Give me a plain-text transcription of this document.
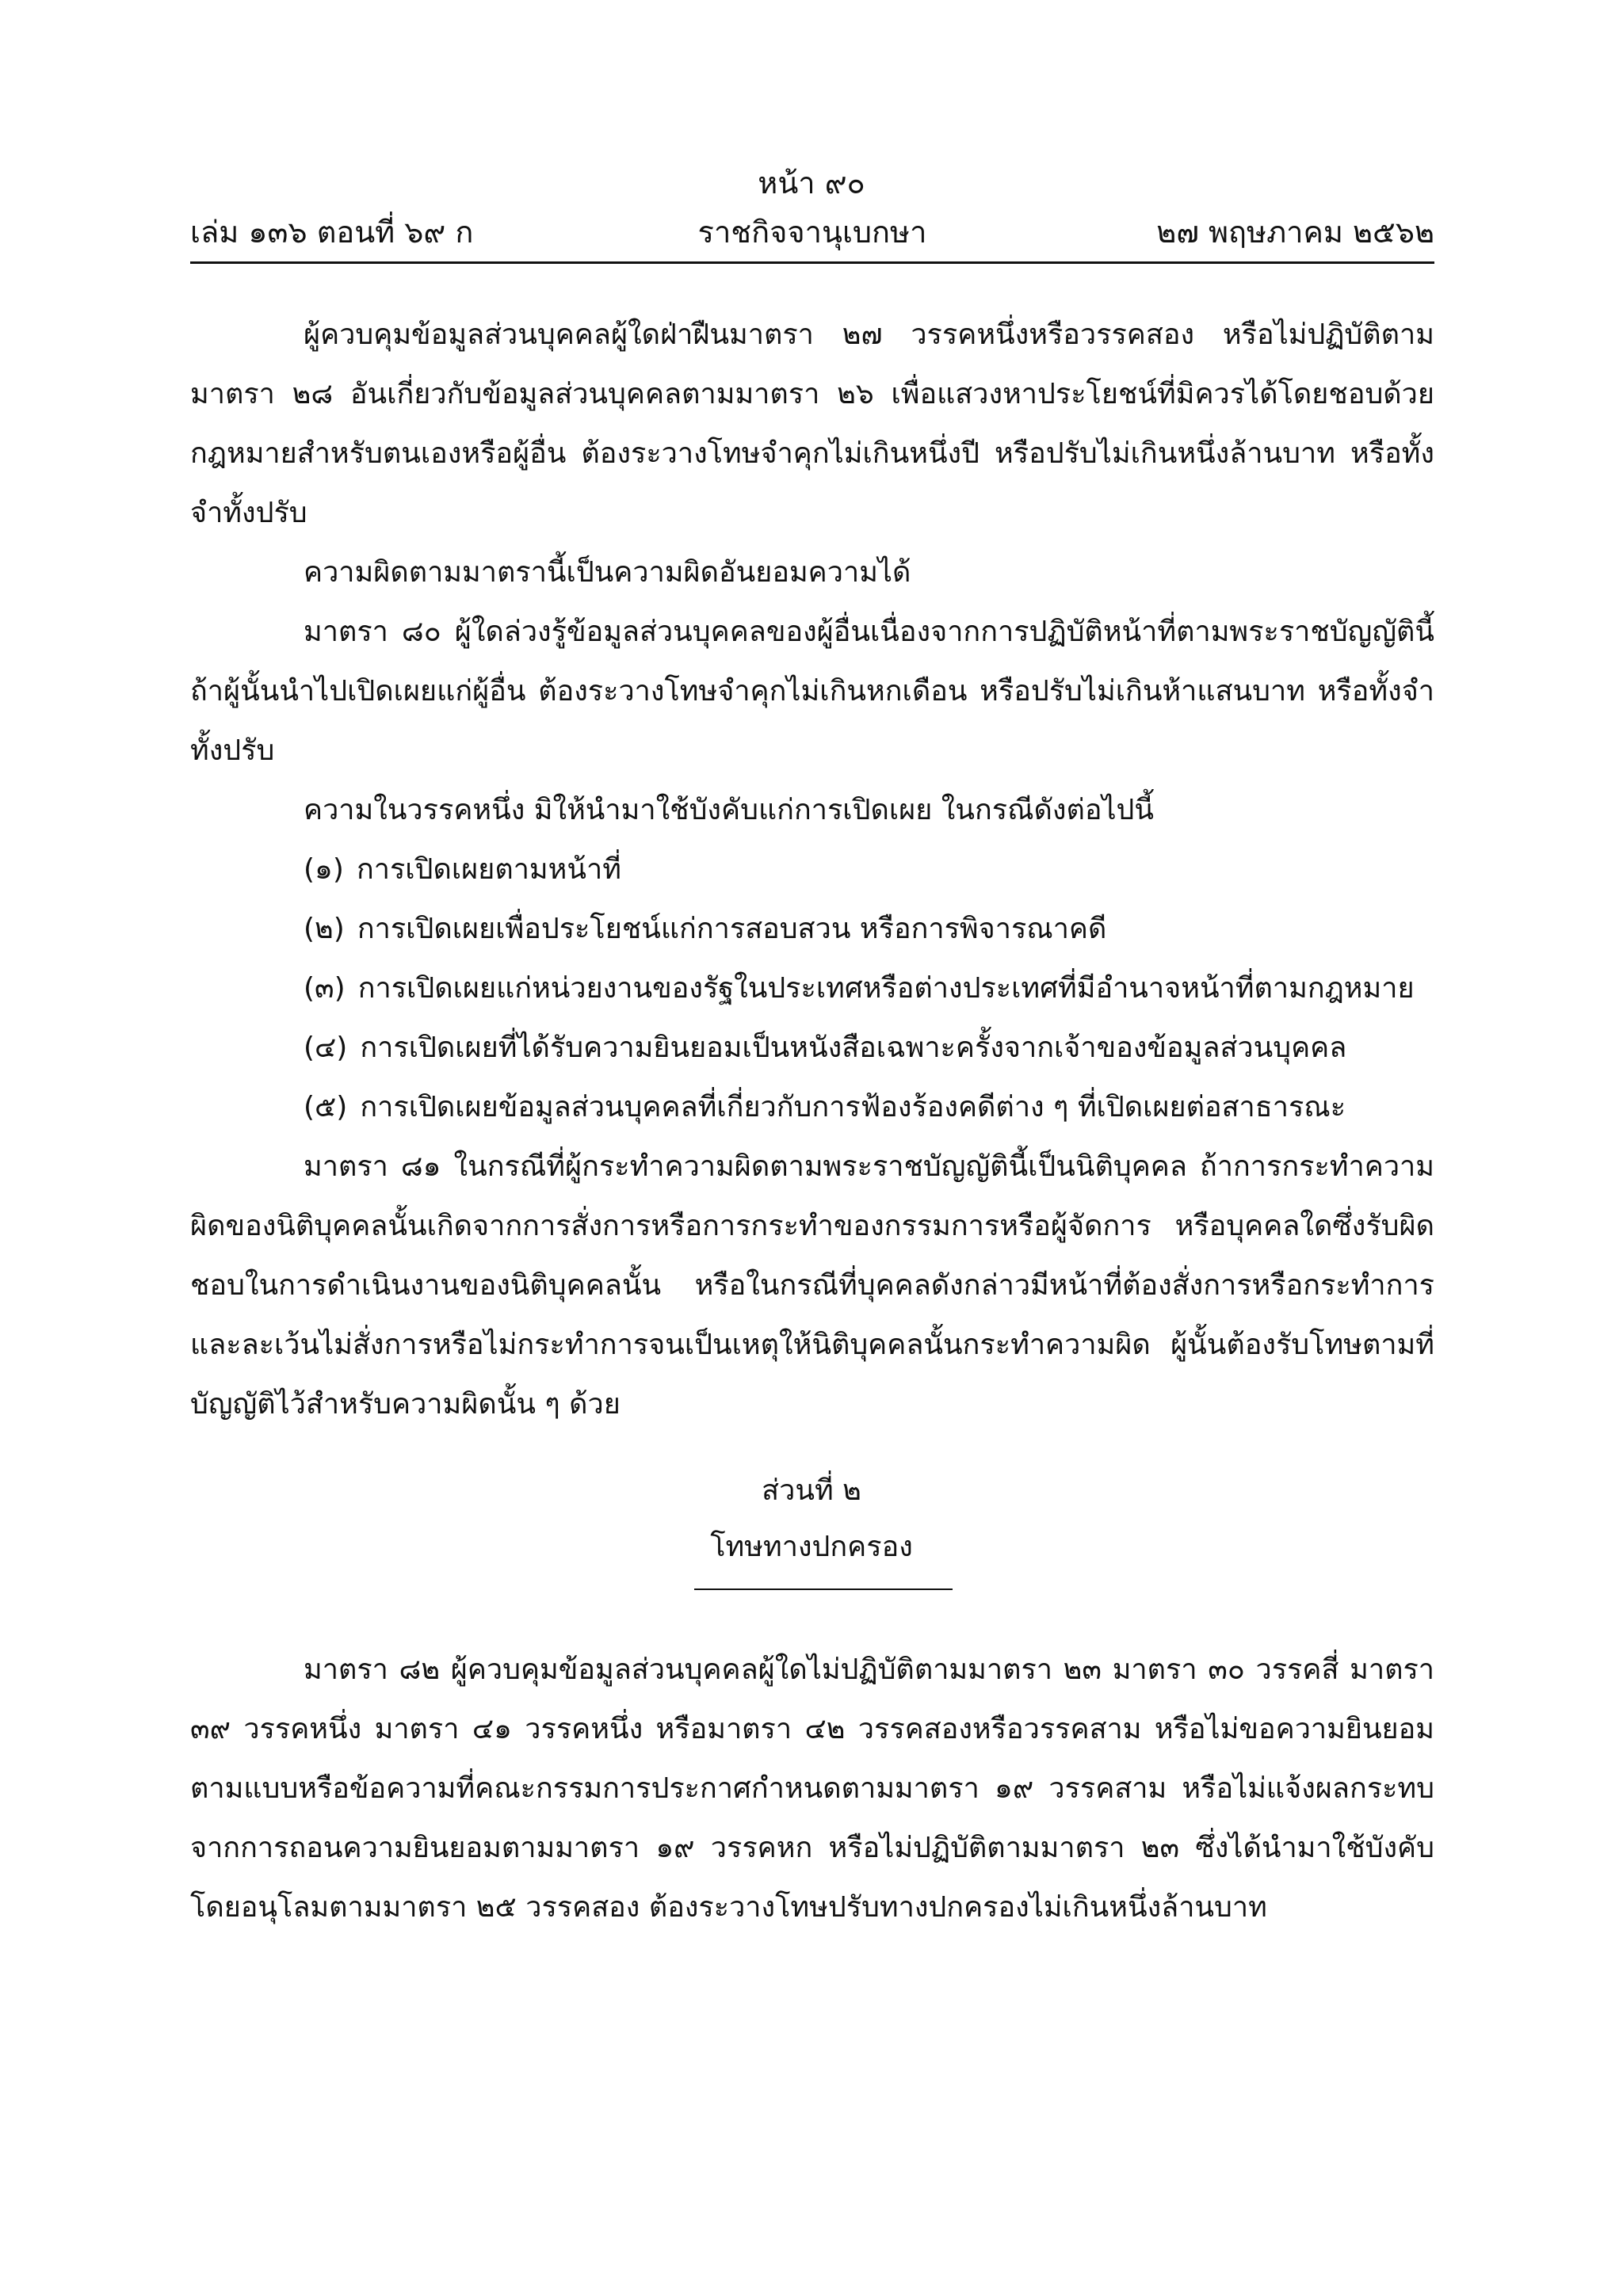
หน้า ๙๐
เล่ม ๑๓๖ ตอนที่ ๖๙ ก	ราชกิจจานุเบกษา	๒๗ พฤษภาคม ๒๕๖๒

ผู้ควบคุมข้อมูลส่วนบุคคลผู้ใดฝ่าฝืนมาตรา ๒๗ วรรคหนึ่งหรือวรรคสอง หรือไม่ปฏิบัติตามมาตรา ๒๘ อันเกี่ยวกับข้อมูลส่วนบุคคลตามมาตรา ๒๖ เพื่อแสวงหาประโยชน์ที่มิควรได้โดยชอบด้วยกฎหมายสำหรับตนเองหรือผู้อื่น ต้องระวางโทษจำคุกไม่เกินหนึ่งปี หรือปรับไม่เกินหนึ่งล้านบาท หรือทั้งจำทั้งปรับ

ความผิดตามมาตรานี้เป็นความผิดอันยอมความได้

มาตรา ๘๐ ผู้ใดล่วงรู้ข้อมูลส่วนบุคคลของผู้อื่นเนื่องจากการปฏิบัติหน้าที่ตามพระราชบัญญัตินี้ ถ้าผู้นั้นนำไปเปิดเผยแก่ผู้อื่น ต้องระวางโทษจำคุกไม่เกินหกเดือน หรือปรับไม่เกินห้าแสนบาท หรือทั้งจำทั้งปรับ

ความในวรรคหนึ่ง มิให้นำมาใช้บังคับแก่การเปิดเผย ในกรณีดังต่อไปนี้

(๑) การเปิดเผยตามหน้าที่
(๒) การเปิดเผยเพื่อประโยชน์แก่การสอบสวน หรือการพิจารณาคดี
(๓) การเปิดเผยแก่หน่วยงานของรัฐในประเทศหรือต่างประเทศที่มีอำนาจหน้าที่ตามกฎหมาย
(๔) การเปิดเผยที่ได้รับความยินยอมเป็นหนังสือเฉพาะครั้งจากเจ้าของข้อมูลส่วนบุคคล
(๕) การเปิดเผยข้อมูลส่วนบุคคลที่เกี่ยวกับการฟ้องร้องคดีต่าง ๆ ที่เปิดเผยต่อสาธารณะ

มาตรา ๘๑ ในกรณีที่ผู้กระทำความผิดตามพระราชบัญญัตินี้เป็นนิติบุคคล ถ้าการกระทำความผิดของนิติบุคคลนั้นเกิดจากการสั่งการหรือการกระทำของกรรมการหรือผู้จัดการ หรือบุคคลใดซึ่งรับผิดชอบในการดำเนินงานของนิติบุคคลนั้น หรือในกรณีที่บุคคลดังกล่าวมีหน้าที่ต้องสั่งการหรือกระทำการและละเว้นไม่สั่งการหรือไม่กระทำการจนเป็นเหตุให้นิติบุคคลนั้นกระทำความผิด ผู้นั้นต้องรับโทษตามที่บัญญัติไว้สำหรับความผิดนั้น ๆ ด้วย

ส่วนที่ ๒
โทษทางปกครอง

มาตรา ๘๒ ผู้ควบคุมข้อมูลส่วนบุคคลผู้ใดไม่ปฏิบัติตามมาตรา ๒๓ มาตรา ๓๐ วรรคสี่ มาตรา ๓๙ วรรคหนึ่ง มาตรา ๔๑ วรรคหนึ่ง หรือมาตรา ๔๒ วรรคสองหรือวรรคสาม หรือไม่ขอความยินยอมตามแบบหรือข้อความที่คณะกรรมการประกาศกำหนดตามมาตรา ๑๙ วรรคสาม หรือไม่แจ้งผลกระทบจากการถอนความยินยอมตามมาตรา ๑๙ วรรคหก หรือไม่ปฏิบัติตามมาตรา ๒๓ ซึ่งได้นำมาใช้บังคับโดยอนุโลมตามมาตรา ๒๕ วรรคสอง ต้องระวางโทษปรับทางปกครองไม่เกินหนึ่งล้านบาท
